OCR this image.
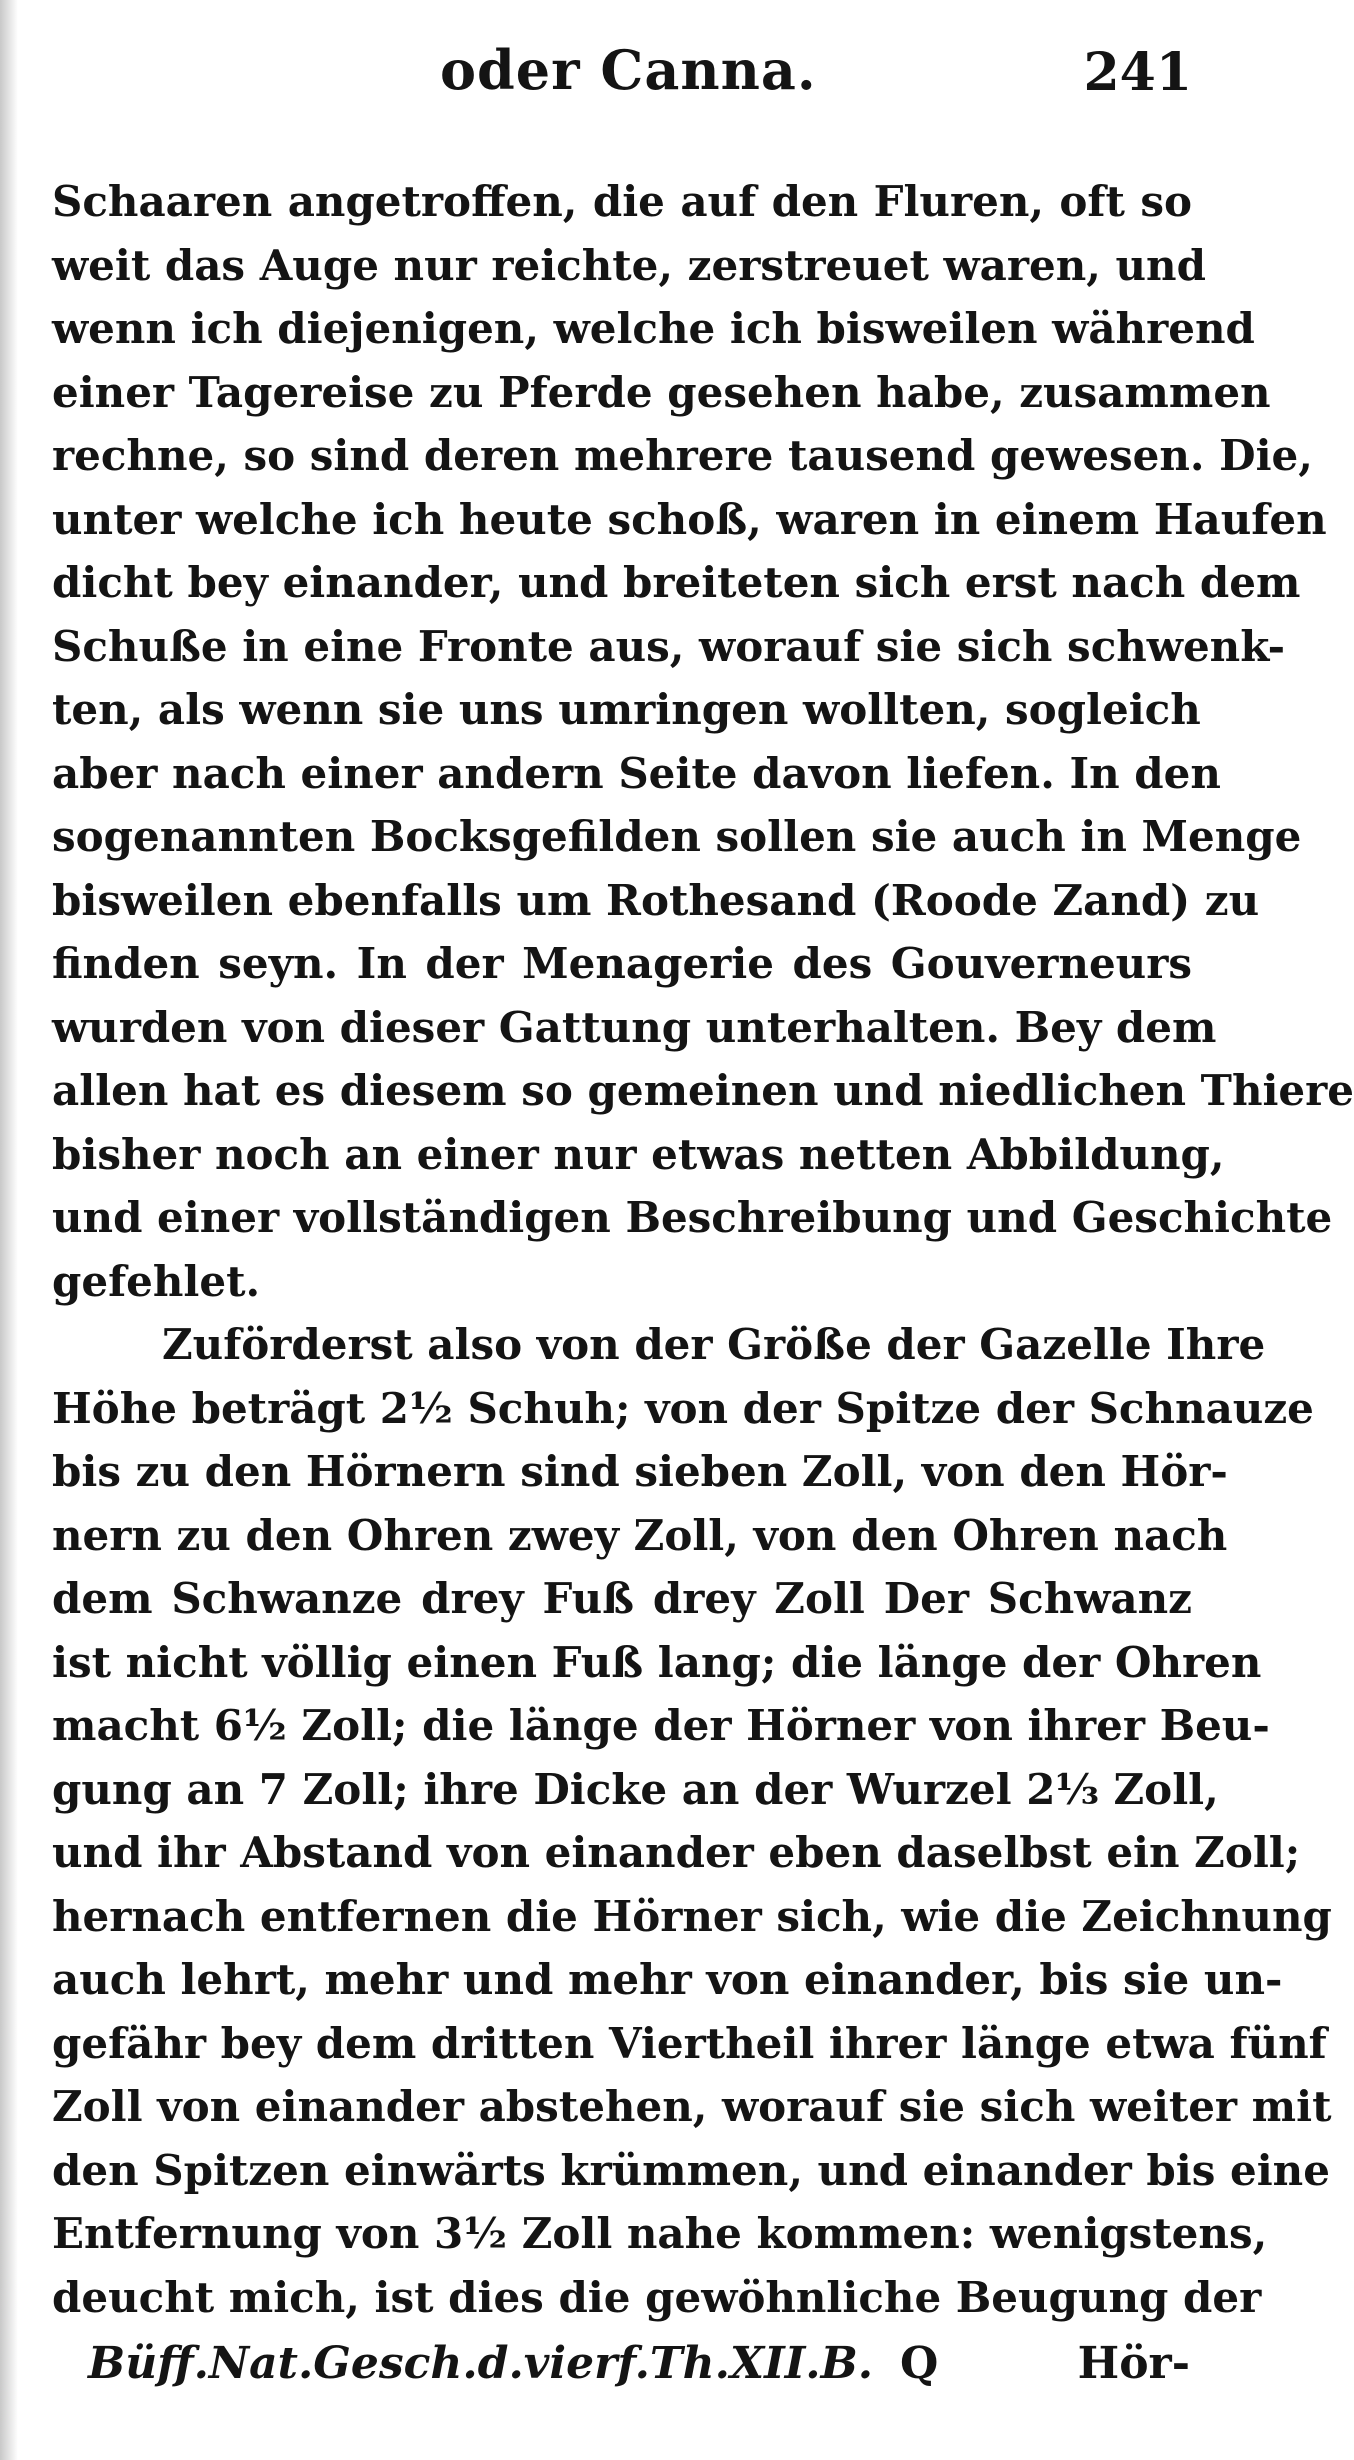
oder Canna.	241
Schaaren angetroffen, die auf den Fluren, oft so
weit das Auge nur reichte, zerstreuet waren, und
wenn ich diejenigen, welche ich bisweilen während
einer Tagereise zu Pferde gesehen habe, zusammen
rechne, so sind deren mehrere tausend gewesen. Die,
unter welche ich heute schoß, waren in einem Haufen
dicht bey einander, und breiteten sich erst nach dem
Schuße in eine Fronte aus, worauf sie sich schwenk-
ten, als wenn sie uns umringen wollten, sogleich
aber nach einer andern Seite davon liefen. In den
sogenannten Bocksgefilden sollen sie auch in Menge
bisweilen ebenfalls um Rothesand (Roode Zand) zu
finden seyn. In der Menagerie des Gouverneurs
wurden von dieser Gattung unterhalten. Bey dem
allen hat es diesem so gemeinen und niedlichen Thiere
bisher noch an einer nur etwas netten Abbildung,
und einer vollständigen Beschreibung und Geschichte
gefehlet.
Zuförderst also von der Größe der Gazelle Ihre
Höhe beträgt 2½ Schuh; von der Spitze der Schnauze
bis zu den Hörnern sind sieben Zoll, von den Hör-
nern zu den Ohren zwey Zoll, von den Ohren nach
dem Schwanze drey Fuß drey Zoll Der Schwanz
ist nicht völlig einen Fuß lang; die länge der Ohren
macht 6½ Zoll; die länge der Hörner von ihrer Beu-
gung an 7 Zoll; ihre Dicke an der Wurzel 2⅓ Zoll,
und ihr Abstand von einander eben daselbst ein Zoll;
hernach entfernen die Hörner sich, wie die Zeichnung
auch lehrt, mehr und mehr von einander, bis sie un-
gefähr bey dem dritten Viertheil ihrer länge etwa fünf
Zoll von einander abstehen, worauf sie sich weiter mit
den Spitzen einwärts krümmen, und einander bis eine
Entfernung von 3½ Zoll nahe kommen: wenigstens,
deucht mich, ist dies die gewöhnliche Beugung der
Büff.Nat.Gesch.d.vierf.Th.XII.B. Q	Hör-
